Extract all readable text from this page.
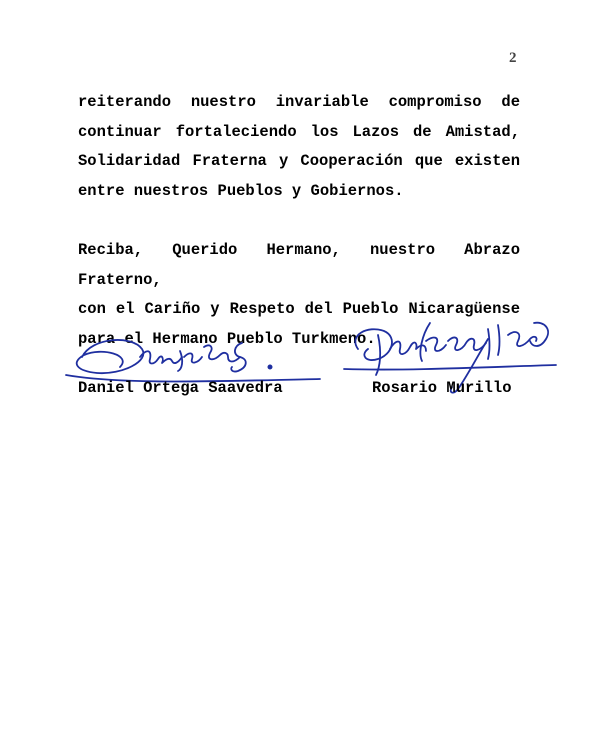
2

reiterando nuestro invariable compromiso de
continuar fortaleciendo los Lazos de Amistad,
Solidaridad Fraterna y Cooperación que existen
entre nuestros Pueblos y Gobiernos.

Reciba, Querido Hermano, nuestro Abrazo Fraterno,
con el Cariño y Respeto del Pueblo Nicaragüense
para el Hermano Pueblo Turkmeno.

Daniel Ortega Saavedra	Rosario Murillo
